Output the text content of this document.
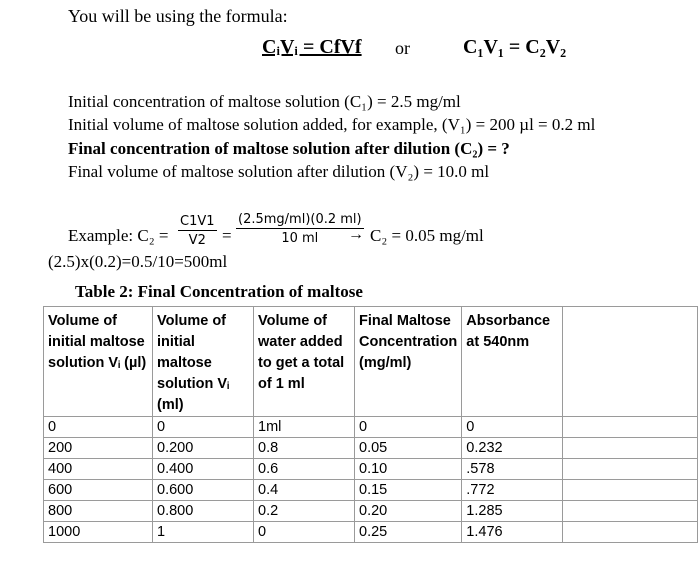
You will be using the formula:
CᵢVᵢ = CfVf or	C₁V₁ = C₂V₂
Initial concentration of maltose solution (C₁) = 2.5 mg/ml
Initial volume of maltose solution added, for example, (V₁) = 200 µl = 0.2 ml
Final concentration of maltose solution after dilution (C₂) = ?
Final volume of maltose solution after dilution (V₂) = 10.0 ml
Example: $C_2 = \frac{C1V1}{V2} = \frac{(2.5mg/ml)(0.2 ml)}{10 ml}$
→ C₂ = 0.05 mg/ml
(2.5)x(0.2)=0.5/10=500ml
Table 2: Final Concentration of maltose
Volume of initial maltose solution Vᵢ (µl)	Volume of initial maltose solution Vᵢ (ml)	Volume of water added to get a total of 1 ml	Final Maltose Concentration (mg/ml)	Absorbance at 540nm	
0	0	1ml	0	0	
200	0.200	0.8	0.05	0.232	
400	0.400	0.6	0.10	.578	
600	0.600	0.4	0.15	.772	
800	0.800	0.2	0.20	1.285	
1000	1	0	0.25	1.476	
